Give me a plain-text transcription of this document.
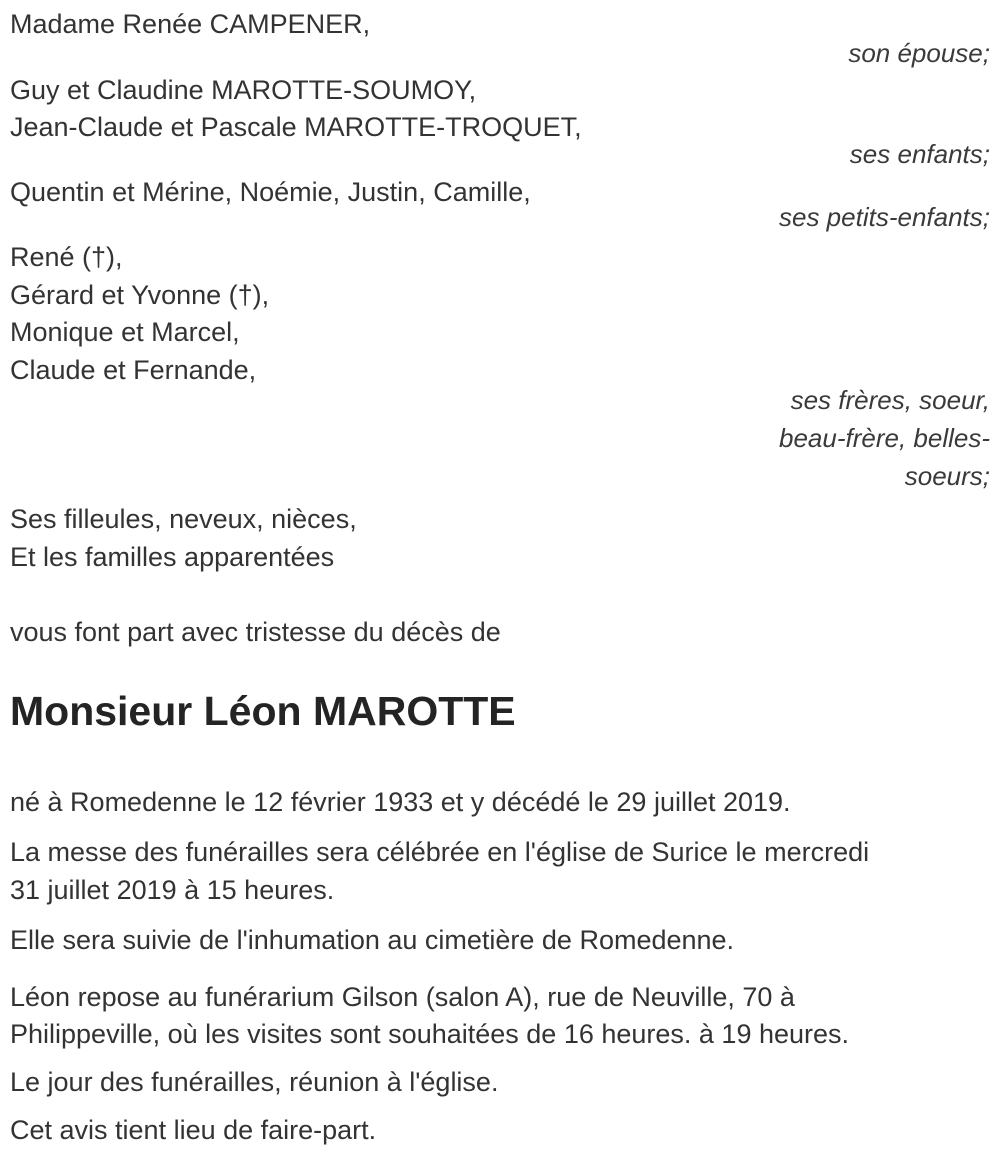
Madame Renée CAMPENER,
son épouse;
Guy et Claudine MAROTTE-SOUMOY,
Jean-Claude et Pascale MAROTTE-TROQUET,
ses enfants;
Quentin et Mérine, Noémie, Justin, Camille,
ses petits-enfants;
René (†),
Gérard et Yvonne (†),
Monique et Marcel,
Claude et Fernande,
ses frères, soeur,
beau-frère, belles-
soeurs;
Ses filleules, neveux, nièces,
Et les familles apparentées
vous font part avec tristesse du décès de
Monsieur Léon MAROTTE
né à Romedenne le 12 février 1933 et y décédé le 29 juillet 2019.
La messe des funérailles sera célébrée en l'église de Surice le mercredi
31 juillet 2019 à 15 heures.
Elle sera suivie de l'inhumation au cimetière de Romedenne.
Léon repose au funérarium Gilson (salon A), rue de Neuville, 70 à
Philippeville, où les visites sont souhaitées de 16 heures. à 19 heures.
Le jour des funérailles, réunion à l'église.
Cet avis tient lieu de faire-part.
